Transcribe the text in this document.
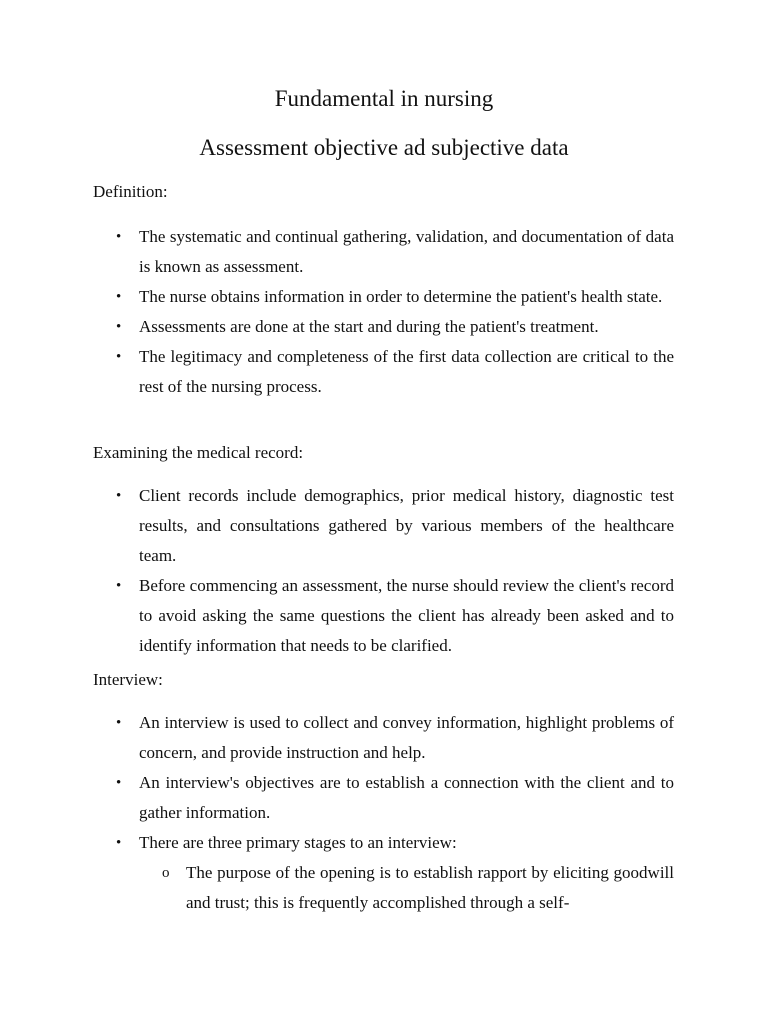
Fundamental in nursing
Assessment objective ad subjective data

Definition:

• The systematic and continual gathering, validation, and documentation of data is known as assessment.
• The nurse obtains information in order to determine the patient's health state.
• Assessments are done at the start and during the patient's treatment.
• The legitimacy and completeness of the first data collection are critical to the rest of the nursing process.

Examining the medical record:

• Client records include demographics, prior medical history, diagnostic test results, and consultations gathered by various members of the healthcare team.
• Before commencing an assessment, the nurse should review the client's record to avoid asking the same questions the client has already been asked and to identify information that needs to be clarified.

Interview:

• An interview is used to collect and convey information, highlight problems of concern, and provide instruction and help.
• An interview's objectives are to establish a connection with the client and to gather information.
• There are three primary stages to an interview:
o The purpose of the opening is to establish rapport by eliciting goodwill and trust; this is frequently accomplished through a self-
